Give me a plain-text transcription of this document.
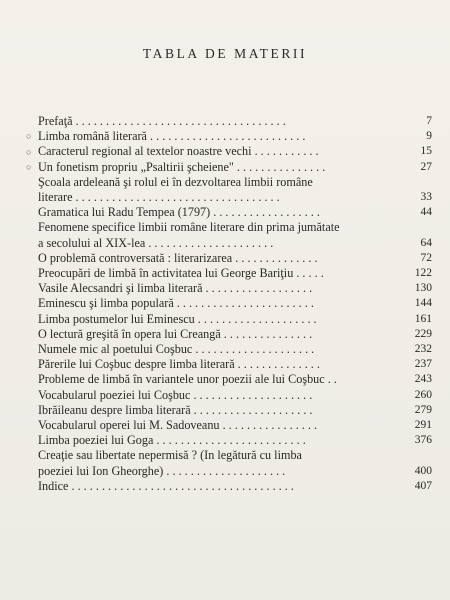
TABLA DE MATERII
Prefaţă . . . . . . . . . . . . . . . . . . . . . . . . . . . . . . . . . . .	7
○ Limba română literară . . . . . . . . . . . . . . . . . . . . . . . . . .	9
○ Caracterul regional al textelor noastre vechi . . . . . . . . . . .	15
○ Un fonetism propriu „Psaltirii şcheiene" . . . . . . . . . . . . . . .	27
Şcoala ardeleană şi rolul ei în dezvoltarea limbii române
literare . . . . . . . . . . . . . . . . . . . . . . . . . . . . . . . . . .	33
Gramatica lui Radu Tempea (1797) . . . . . . . . . . . . . . . . . .	44
Fenomene specifice limbii române literare din prima jumătate
a secolului al XIX-lea . . . . . . . . . . . . . . . . . . . . .	64
O problemă controversată : literarizarea . . . . . . . . . . . . . .	72
Preocupări de limbă în activitatea lui George Bariţiu . . . . .	122
Vasile Alecsandri şi limba literară . . . . . . . . . . . . . . . . . .	130
Eminescu şi limba populară . . . . . . . . . . . . . . . . . . . . . . .	144
Limba postumelor lui Eminescu . . . . . . . . . . . . . . . . . . . .	161
O lectură greşită în opera lui Creangă . . . . . . . . . . . . . . .	229
Numele mic al poetului Coşbuc . . . . . . . . . . . . . . . . . . . .	232
Părerile lui Coşbuc despre limba literară . . . . . . . . . . . . . .	237
Probleme de limbă în variantele unor poezii ale lui Coşbuc . .	243
Vocabularul poeziei lui Coşbuc . . . . . . . . . . . . . . . . . . . .	260
Ibrăileanu despre limba literară . . . . . . . . . . . . . . . . . . . .	279
Vocabularul operei lui M. Sadoveanu . . . . . . . . . . . . . . . .	291
Limba poeziei lui Goga . . . . . . . . . . . . . . . . . . . . . . . . .	376
Creaţie sau libertate nepermisă ? (In legătură cu limba
poeziei lui Ion Gheorghe) . . . . . . . . . . . . . . . . . . . .	400
Indice . . . . . . . . . . . . . . . . . . . . . . . . . . . . . . . . . . . . .	407
